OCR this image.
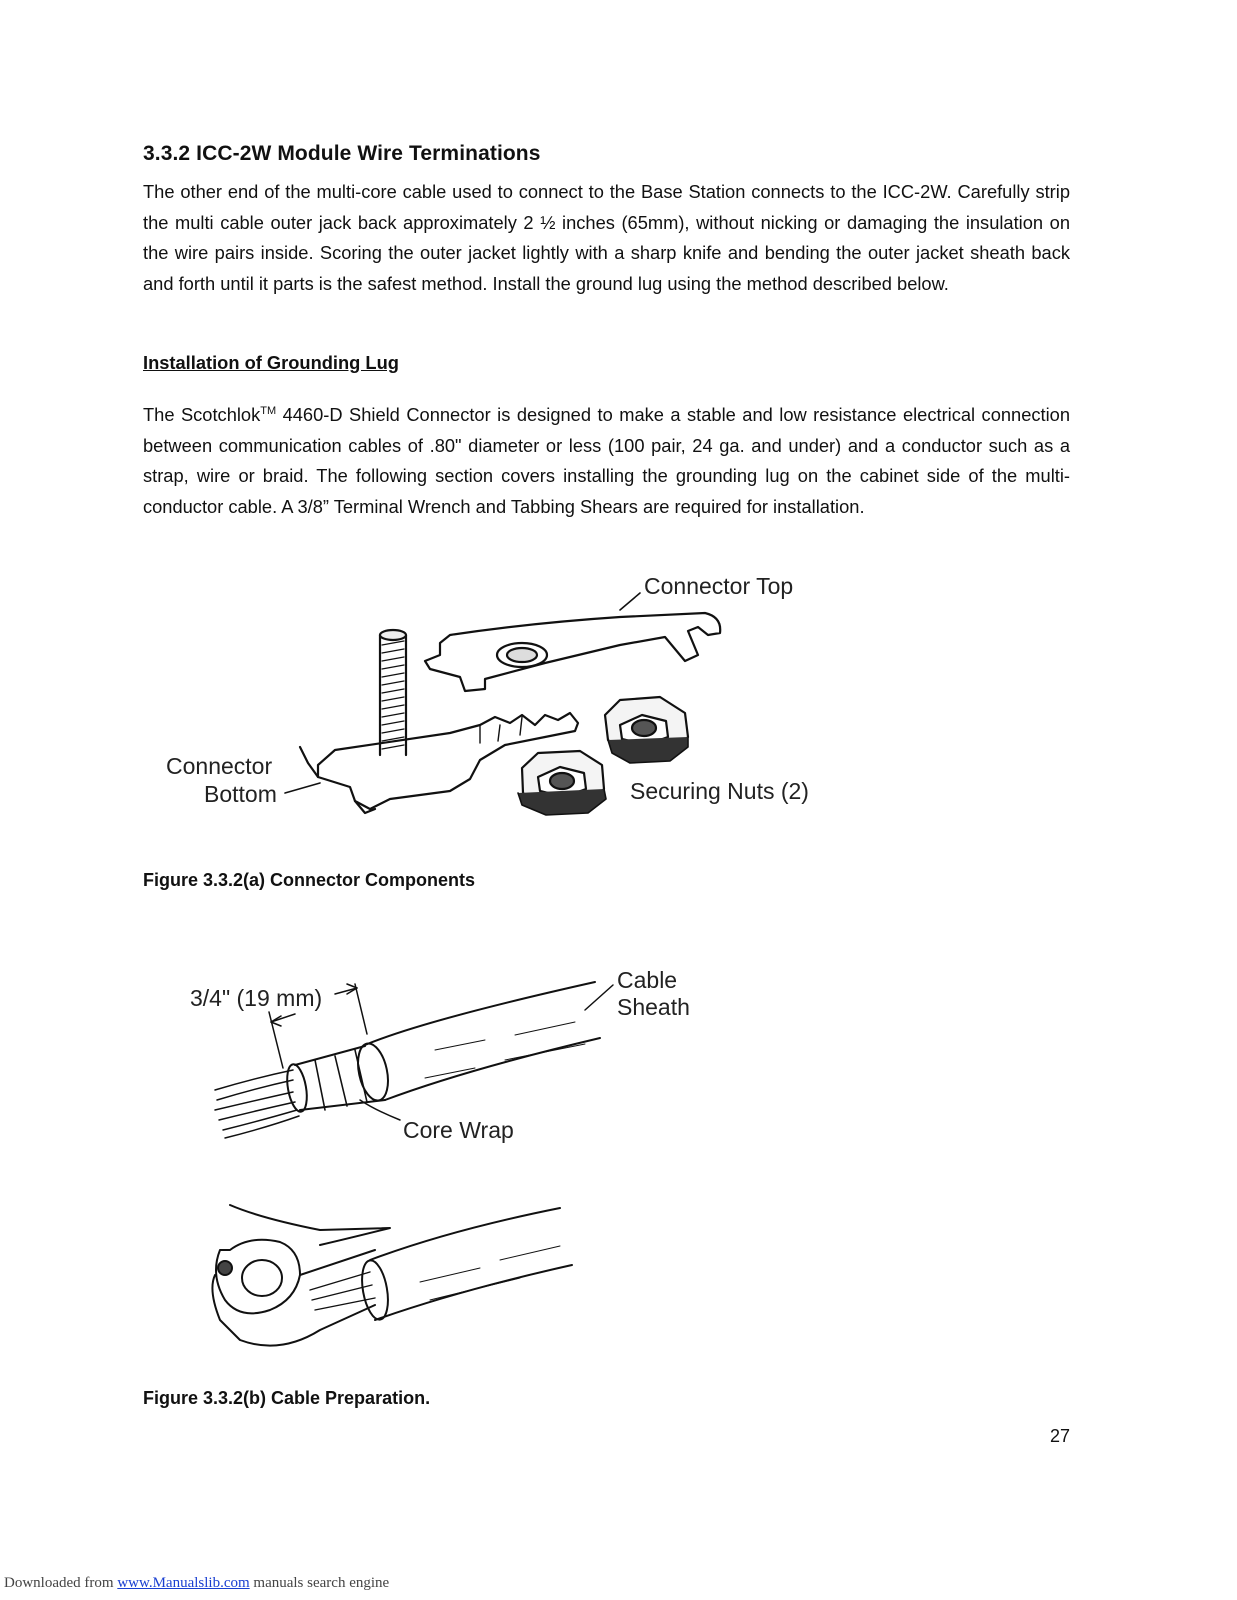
3.3.2 ICC-2W Module Wire Terminations
The other end of the multi-core cable used to connect to the Base Station connects to the ICC-2W. Carefully strip the multi cable outer jack back approximately 2 ½ inches (65mm), without nicking or damaging the insulation on the wire pairs inside. Scoring the outer jacket lightly with a sharp knife and bending the outer jacket sheath back and forth until it parts is the safest method. Install the ground lug using the method described below.
Installation of Grounding Lug
The Scotchlok™ 4460-D Shield Connector is designed to make a stable and low resistance electrical connection between communication cables of .80" diameter or less (100 pair, 24 ga. and under) and a conductor such as a strap, wire or braid. The following section covers installing the grounding lug on the cabinet side of the multi-conductor cable. A 3/8” Terminal Wrench and Tabbing Shears are required for installation.
Connector Top
Connector
Bottom	Securing Nuts (2)
Figure 3.3.2(a) Connector Components
3/4" (19 mm)
Cable
Sheath
Core Wrap
Figure 3.3.2(b) Cable Preparation.
27
Downloaded from www.Manualslib.com manuals search engine
